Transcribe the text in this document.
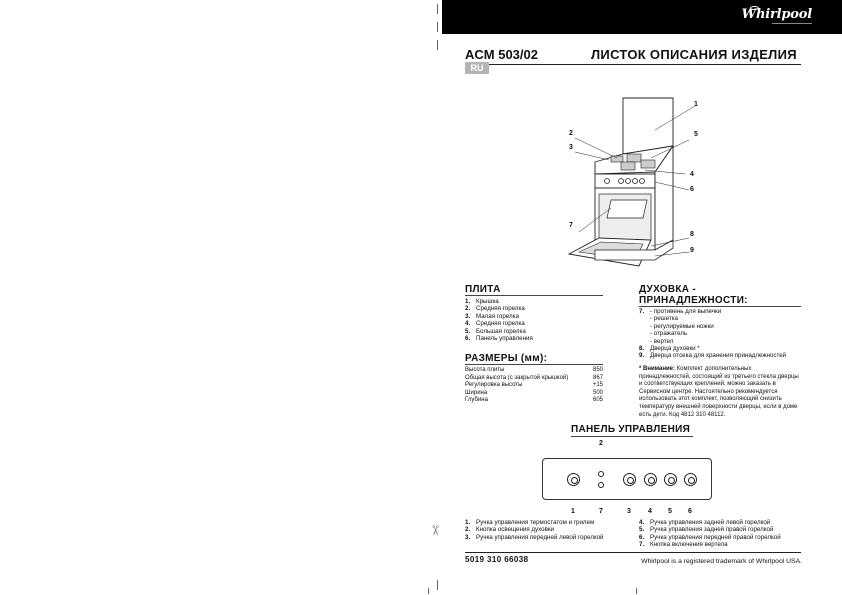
✂
Whirlpool
ACM 503/02	ЛИСТОК ОПИСАНИЯ ИЗДЕЛИЯ
RU
1
2
3
4
5
6
7
8
9
ПЛИТА
1. Крышка
2. Средняя горелка
3. Малая горелка
4. Средняя горелка
5. Большая горелка
6. Панель управления
РАЗМЕРЫ (мм):
Высота плиты	850
Общая высота (с закрытой крышкой)	867
Регулировка высоты	+15
Ширина	500
Глубина	605
ДУХОВКА -
ПРИНАДЛЕЖНОСТИ:
7. - противень для выпечки
- решетка
- регулируемые ножки
- отражатель
- вертел
8. Дверца духовки *
9. Дверца отсека для хранения принадлежностей
* Внимание: Комплект дополнительных принадлежностей, состоящий из третьего стекла дверцы и соответствующих креплений, можно заказать в Сервисном центре. Настоятельно рекомендуется использовать этот комплект, позволяющий снизить температуру внешней поверхности дверцы, если в доме есть дети. Код 4812 310 48112.
ПАНЕЛЬ УПРАВЛЕНИЯ
2
1	7	3 4 5 6
1. Ручка управления термостатом и грилем
2. Кнопка освещения духовки
3. Ручка управления передней левой горелкой
4. Ручка управления задней левой горелкой
5. Ручка управления задней правой горелкой
6. Ручка управления передней правой горелкой
7. Кнопка включения вертела
5019 310 66038	Whirlpool is a registered trademark of Whirlpool USA.
